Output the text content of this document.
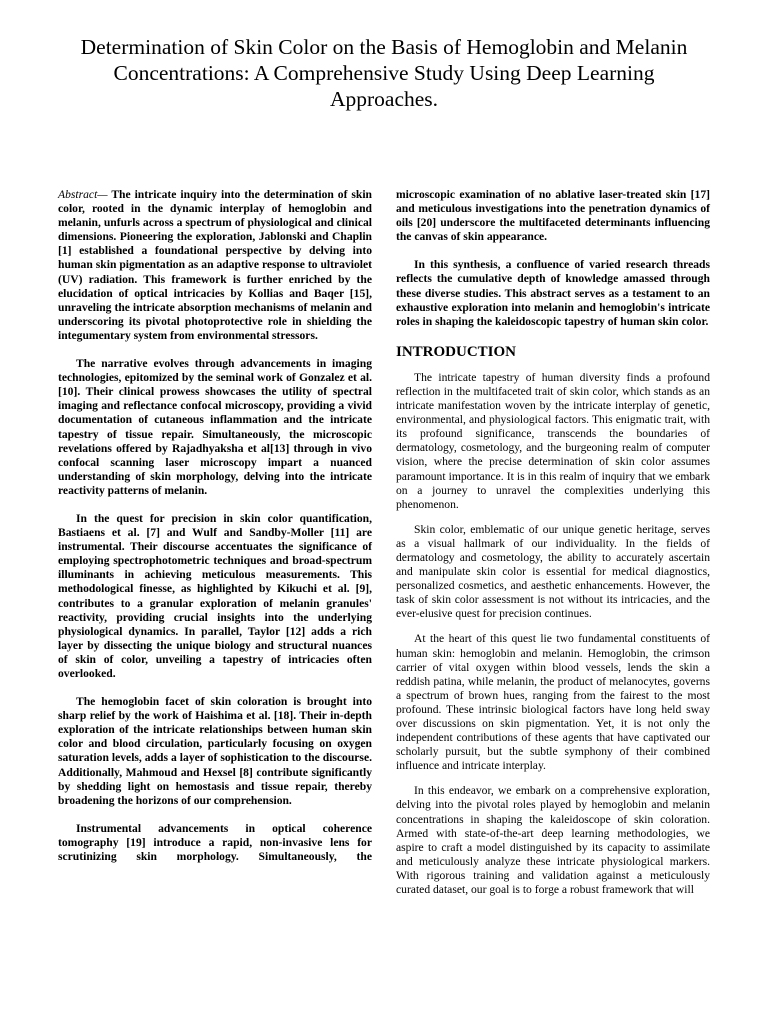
Determination of Skin Color on the Basis of Hemoglobin and Melanin Concentrations: A Comprehensive Study Using Deep Learning Approaches.

Abstract— The intricate inquiry into the determination of skin color, rooted in the dynamic interplay of hemoglobin and melanin, unfurls across a spectrum of physiological and clinical dimensions. Pioneering the exploration, Jablonski and Chaplin [1] established a foundational perspective by delving into human skin pigmentation as an adaptive response to ultraviolet (UV) radiation. This framework is further enriched by the elucidation of optical intricacies by Kollias and Baqer [15], unraveling the intricate absorption mechanisms of melanin and underscoring its pivotal photoprotective role in shielding the integumentary system from environmental stressors.

The narrative evolves through advancements in imaging technologies, epitomized by the seminal work of Gonzalez et al. [10]. Their clinical prowess showcases the utility of spectral imaging and reflectance confocal microscopy, providing a vivid documentation of cutaneous inflammation and the intricate tapestry of tissue repair. Simultaneously, the microscopic revelations offered by Rajadhyaksha et al[13] through in vivo confocal scanning laser microscopy impart a nuanced understanding of skin morphology, delving into the intricate reactivity patterns of melanin.

In the quest for precision in skin color quantification, Bastiaens et al. [7] and Wulf and Sandby-Moller [11] are instrumental. Their discourse accentuates the significance of employing spectrophotometric techniques and broad-spectrum illuminants in achieving meticulous measurements. This methodological finesse, as highlighted by Kikuchi et al. [9], contributes to a granular exploration of melanin granules' reactivity, providing crucial insights into the underlying physiological dynamics. In parallel, Taylor [12] adds a rich layer by dissecting the unique biology and structural nuances of skin of color, unveiling a tapestry of intricacies often overlooked.

The hemoglobin facet of skin coloration is brought into sharp relief by the work of Haishima et al. [18]. Their in-depth exploration of the intricate relationships between human skin color and blood circulation, particularly focusing on oxygen saturation levels, adds a layer of sophistication to the discourse. Additionally, Mahmoud and Hexsel [8] contribute significantly by shedding light on hemostasis and tissue repair, thereby broadening the horizons of our comprehension.

Instrumental advancements in optical coherence tomography [19] introduce a rapid, non-invasive lens for scrutinizing skin morphology. Simultaneously, the

microscopic examination of no ablative laser-treated skin [17] and meticulous investigations into the penetration dynamics of oils [20] underscore the multifaceted determinants influencing the canvas of skin appearance.

In this synthesis, a confluence of varied research threads reflects the cumulative depth of knowledge amassed through these diverse studies. This abstract serves as a testament to an exhaustive exploration into melanin and hemoglobin's intricate roles in shaping the kaleidoscopic tapestry of human skin color.

INTRODUCTION

The intricate tapestry of human diversity finds a profound reflection in the multifaceted trait of skin color, which stands as an intricate manifestation woven by the intricate interplay of genetic, environmental, and physiological factors. This enigmatic trait, with its profound significance, transcends the boundaries of dermatology, cosmetology, and the burgeoning realm of computer vision, where the precise determination of skin color assumes paramount importance. It is in this realm of inquiry that we embark on a journey to unravel the complexities underlying this phenomenon.

Skin color, emblematic of our unique genetic heritage, serves as a visual hallmark of our individuality. In the fields of dermatology and cosmetology, the ability to accurately ascertain and manipulate skin color is essential for medical diagnostics, personalized cosmetics, and aesthetic enhancements. However, the task of skin color assessment is not without its intricacies, and the ever-elusive quest for precision continues.

At the heart of this quest lie two fundamental constituents of human skin: hemoglobin and melanin. Hemoglobin, the crimson carrier of vital oxygen within blood vessels, lends the skin a reddish patina, while melanin, the product of melanocytes, governs a spectrum of brown hues, ranging from the fairest to the most profound. These intrinsic biological factors have long held sway over discussions on skin pigmentation. Yet, it is not only the independent contributions of these agents that have captivated our scholarly pursuit, but the subtle symphony of their combined influence and intricate interplay.

In this endeavor, we embark on a comprehensive exploration, delving into the pivotal roles played by hemoglobin and melanin concentrations in shaping the kaleidoscope of skin coloration. Armed with state-of-the-art deep learning methodologies, we aspire to craft a model distinguished by its capacity to assimilate and meticulously analyze these intricate physiological markers. With rigorous training and validation against a meticulously curated dataset, our goal is to forge a robust framework that will
